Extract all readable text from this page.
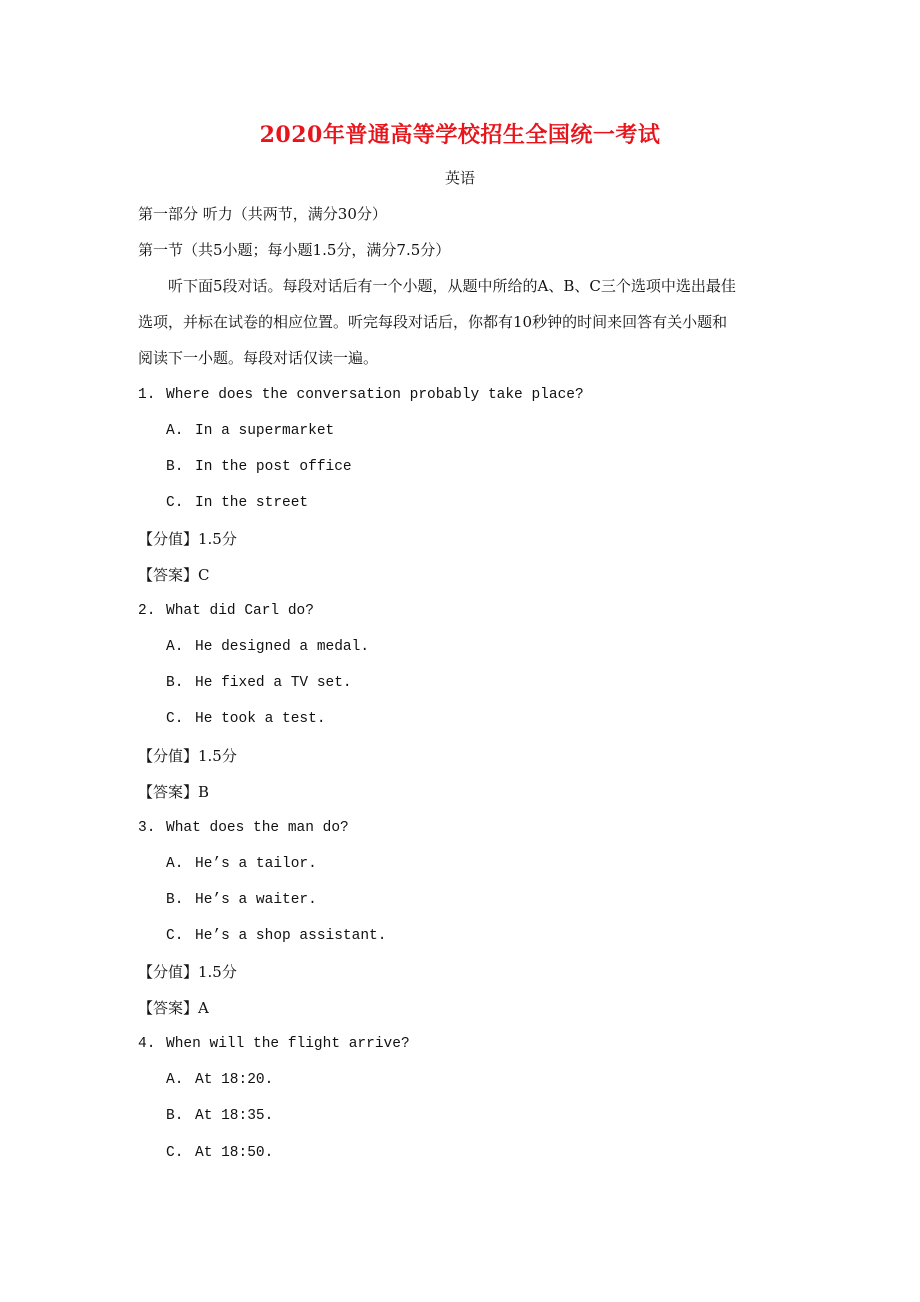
2020年普通高等学校招生全国统一考试
英语
第一部分 听力（共两节，满分30分）
第一节（共5小题；每小题1.5分，满分7.5分）
听下面5段对话。每段对话后有一个小题，从题中所给的A、B、C三个选项中选出最佳
选项，并标在试卷的相应位置。听完每段对话后，你都有10秒钟的时间来回答有关小题和
阅读下一小题。每段对话仅读一遍。
1. Where does the conversation probably take place?
A. In a supermarket
B. In the post office
C. In the street
【分值】1.5分
【答案】C
2. What did Carl do?
A. He designed a medal.
B. He fixed a TV set.
C. He took a test.
【分值】1.5分
【答案】B
3. What does the man do?
A. He’s a tailor.
B. He’s a waiter.
C. He’s a shop assistant.
【分值】1.5分
【答案】A
4. When will the flight arrive?
A. At 18:20.
B. At 18:35.
C. At 18:50.
